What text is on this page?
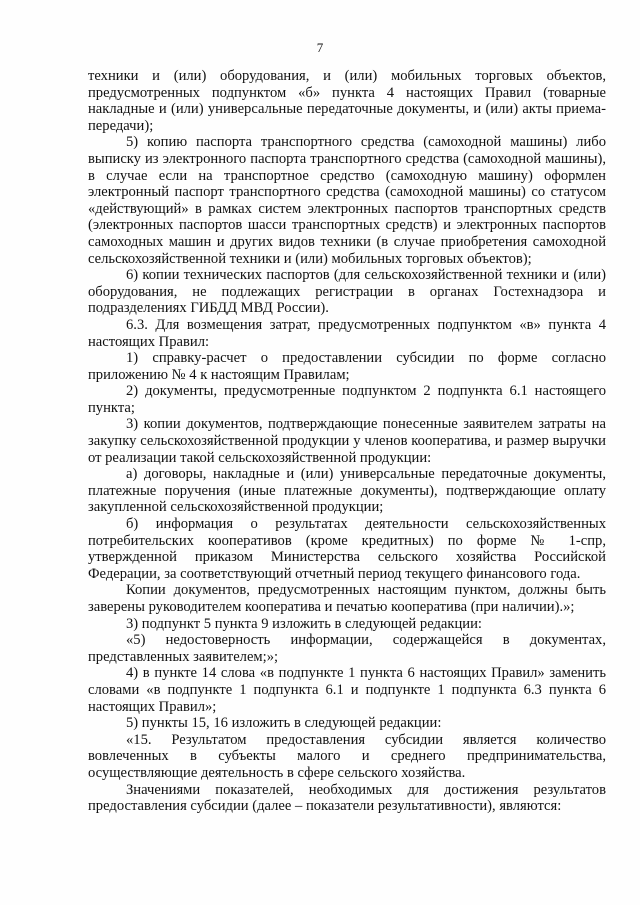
7

техники и (или) оборудования, и (или) мобильных торговых объектов, предусмотренных подпунктом «б» пункта 4 настоящих Правил (товарные накладные и (или) универсальные передаточные документы, и (или) акты приема-передачи);

5) копию паспорта транспортного средства (самоходной машины) либо выписку из электронного паспорта транспортного средства (самоходной машины), в случае если на транспортное средство (самоходную машину) оформлен электронный паспорт транспортного средства (самоходной машины) со статусом «действующий» в рамках систем электронных паспортов транспортных средств (электронных паспортов шасси транспортных средств) и электронных паспортов самоходных машин и других видов техники (в случае приобретения самоходной сельскохозяйственной техники и (или) мобильных торговых объектов);

6) копии технических паспортов (для сельскохозяйственной техники и (или) оборудования, не подлежащих регистрации в органах Гостехнадзора и подразделениях ГИБДД МВД России).

6.3. Для возмещения затрат, предусмотренных подпунктом «в» пункта 4 настоящих Правил:

1) справку-расчет о предоставлении субсидии по форме согласно приложению № 4 к настоящим Правилам;

2) документы, предусмотренные подпунктом 2 подпункта 6.1 настоящего пункта;

3) копии документов, подтверждающие понесенные заявителем затраты на закупку сельскохозяйственной продукции у членов кооператива, и размер выручки от реализации такой сельскохозяйственной продукции:

а) договоры, накладные и (или) универсальные передаточные документы, платежные поручения (иные платежные документы), подтверждающие оплату закупленной сельскохозяйственной продукции;

б) информация о результатах деятельности сельскохозяйственных потребительских кооперативов (кроме кредитных) по форме № 1-спр, утвержденной приказом Министерства сельского хозяйства Российской Федерации, за соответствующий отчетный период текущего финансового года.

Копии документов, предусмотренных настоящим пунктом, должны быть заверены руководителем кооператива и печатью кооператива (при наличии).»;

3) подпункт 5 пункта 9 изложить в следующей редакции:

«5) недостоверность информации, содержащейся в документах, представленных заявителем;»;

4) в пункте 14 слова «в подпункте 1 пункта 6 настоящих Правил» заменить словами «в подпункте 1 подпункта 6.1 и подпункте 1 подпункта 6.3 пункта 6 настоящих Правил»;

5) пункты 15, 16 изложить в следующей редакции:

«15. Результатом предоставления субсидии является количество вовлеченных в субъекты малого и среднего предпринимательства, осуществляющие деятельность в сфере сельского хозяйства.

Значениями показателей, необходимых для достижения результатов предоставления субсидии (далее – показатели результативности), являются:
